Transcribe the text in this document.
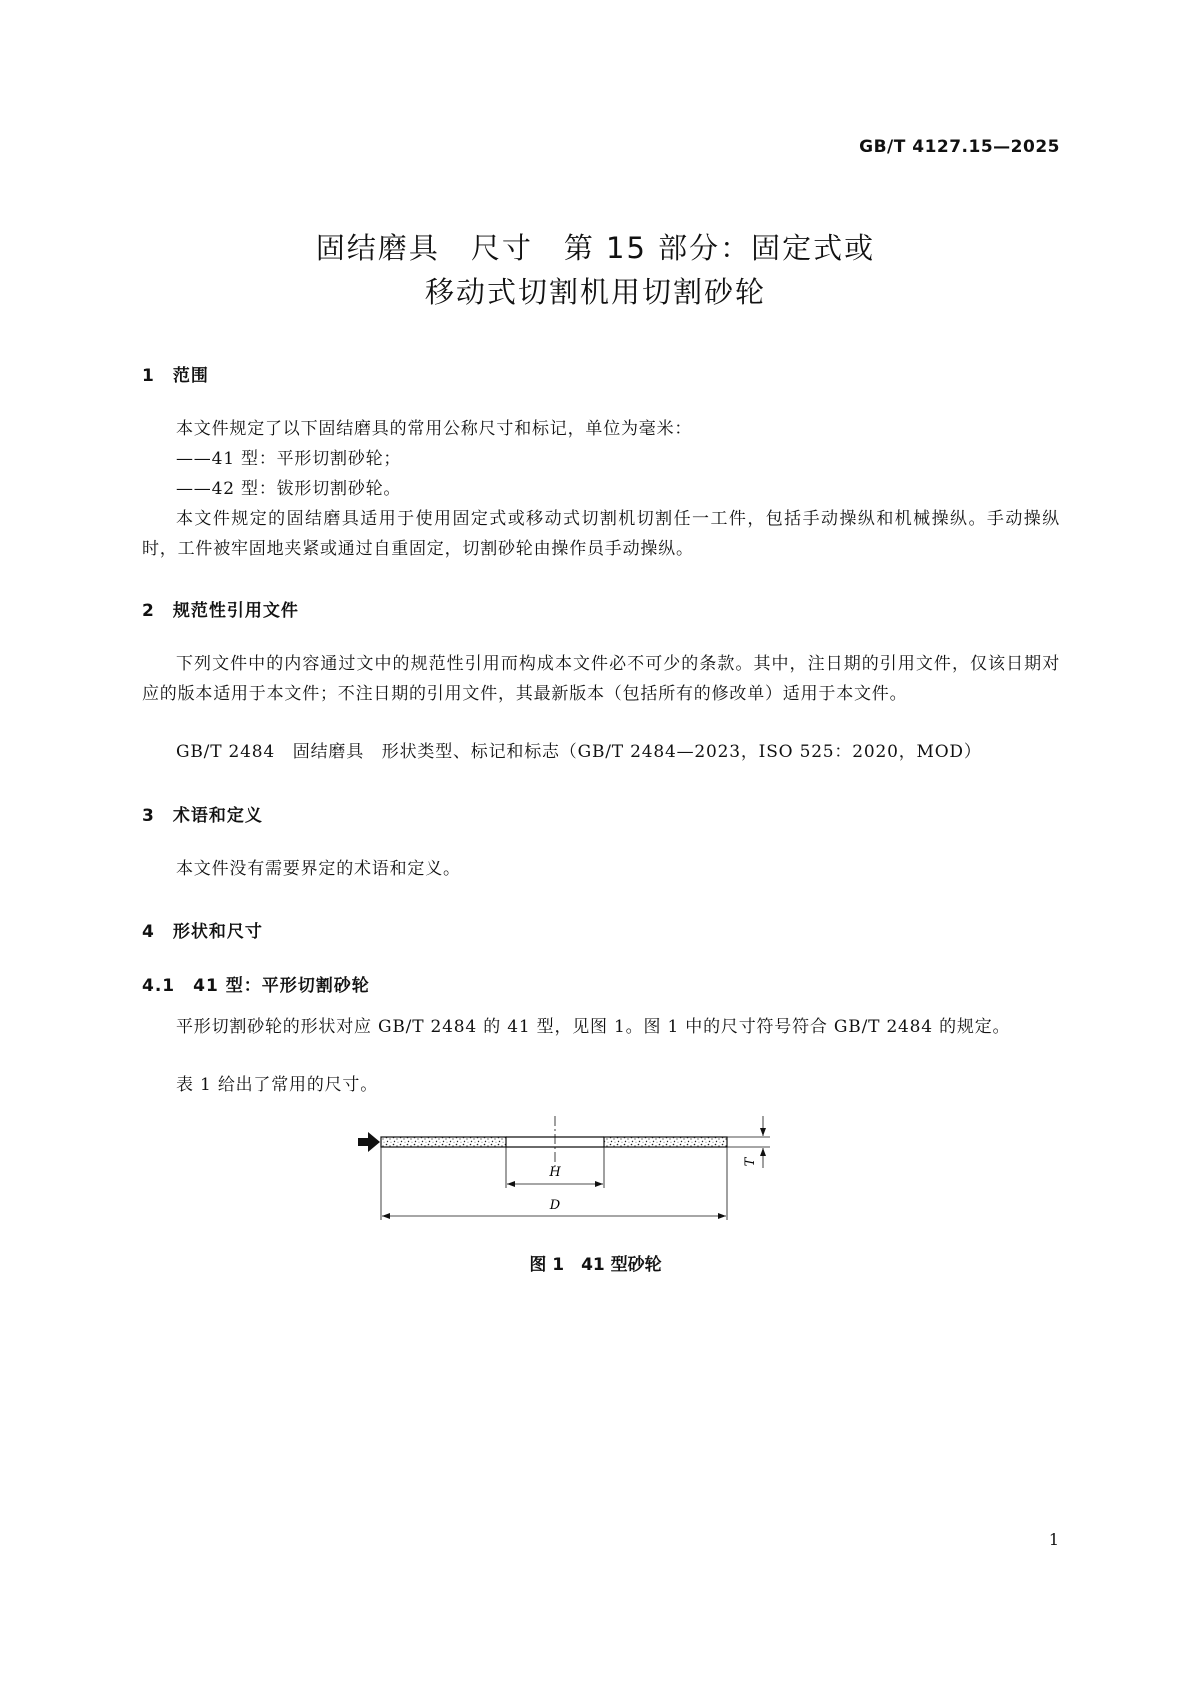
GB/T 4127.15—2025
固结磨具　尺寸　第 15 部分：固定式或
移动式切割机用切割砂轮
1　范围
本文件规定了以下固结磨具的常用公称尺寸和标记，单位为毫米：
——41 型：平形切割砂轮；
——42 型：钹形切割砂轮。
本文件规定的固结磨具适用于使用固定式或移动式切割机切割任一工件，包括手动操纵和机械操纵。手动操纵时，工件被牢固地夹紧或通过自重固定，切割砂轮由操作员手动操纵。
2　规范性引用文件
下列文件中的内容通过文中的规范性引用而构成本文件必不可少的条款。其中，注日期的引用文件，仅该日期对应的版本适用于本文件；不注日期的引用文件，其最新版本（包括所有的修改单）适用于本文件。
GB/T 2484　固结磨具　形状类型、标记和标志（GB/T 2484—2023，ISO 525：2020，MOD）
3　术语和定义
本文件没有需要界定的术语和定义。
4　形状和尺寸
4.1　41 型：平形切割砂轮
平形切割砂轮的形状对应 GB/T 2484 的 41 型，见图 1。图 1 中的尺寸符号符合 GB/T 2484 的规定。
表 1 给出了常用的尺寸。
H
D
T
图 1　41 型砂轮
1
